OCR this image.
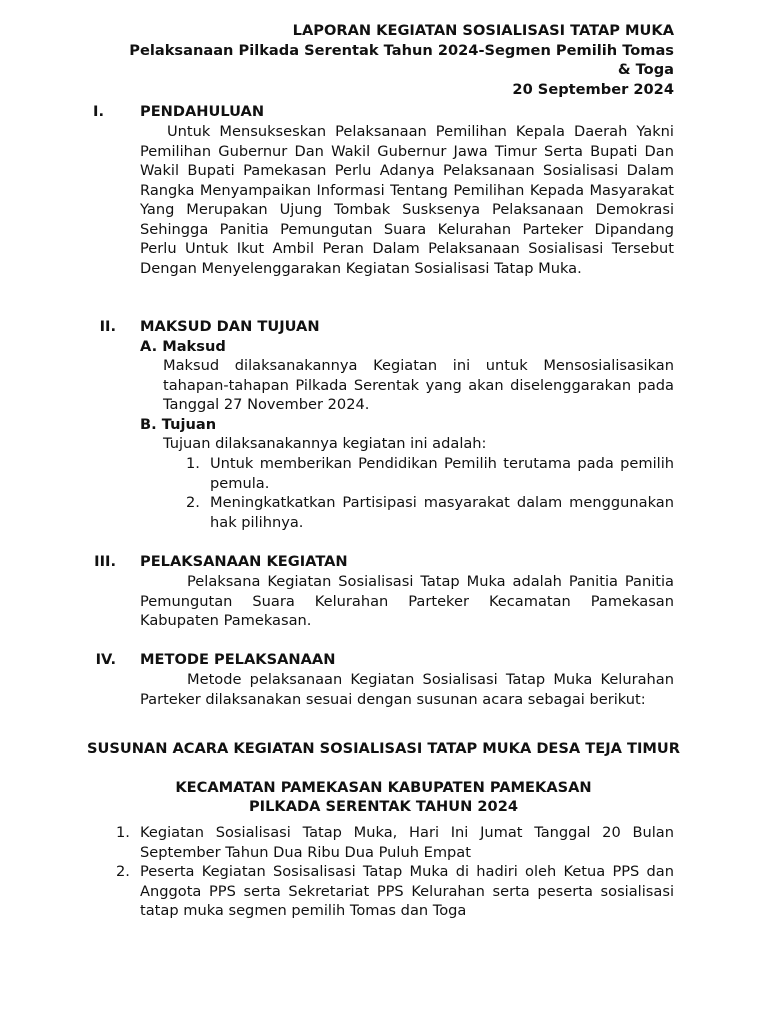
LAPORAN KEGIATAN SOSIALISASI TATAP MUKA
Pelaksanaan Pilkada Serentak Tahun 2024-Segmen Pemilih Tomas
& Toga
20 September 2024
I. PENDAHULUAN
Untuk Mensukseskan Pelaksanaan Pemilihan Kepala Daerah Yakni Pemilihan Gubernur Dan Wakil Gubernur Jawa Timur Serta Bupati Dan Wakil Bupati Pamekasan Perlu Adanya Pelaksanaan Sosialisasi Dalam Rangka Menyampaikan Informasi Tentang Pemilihan Kepada Masyarakat Yang Merupakan Ujung Tombak Susksenya Pelaksanaan Demokrasi Sehingga Panitia Pemungutan Suara Kelurahan Parteker Dipandang Perlu Untuk Ikut Ambil Peran Dalam Pelaksanaan Sosialisasi Tersebut Dengan Menyelenggarakan Kegiatan Sosialisasi Tatap Muka.
II. MAKSUD DAN TUJUAN
A. Maksud
Maksud dilaksanakannya Kegiatan ini untuk Mensosialisasikan tahapan-tahapan Pilkada Serentak yang akan diselenggarakan pada Tanggal 27 November 2024.
B. Tujuan
Tujuan dilaksanakannya kegiatan ini adalah:
1. Untuk memberikan Pendidikan Pemilih terutama pada pemilih pemula.
2. Meningkatkatkan Partisipasi masyarakat dalam menggunakan hak pilihnya.
III. PELAKSANAAN KEGIATAN
Pelaksana Kegiatan Sosialisasi Tatap Muka adalah Panitia Panitia Pemungutan Suara Kelurahan Parteker Kecamatan Pamekasan Kabupaten Pamekasan.
IV. METODE PELAKSANAAN
Metode pelaksanaan Kegiatan Sosialisasi Tatap Muka Kelurahan Parteker dilaksanakan sesuai dengan susunan acara sebagai berikut:
SUSUNAN ACARA KEGIATAN SOSIALISASI TATAP MUKA DESA TEJA TIMUR
KECAMATAN PAMEKASAN KABUPATEN PAMEKASAN
PILKADA SERENTAK TAHUN 2024
1. Kegiatan Sosialisasi Tatap Muka, Hari Ini Jumat Tanggal 20 Bulan September Tahun Dua Ribu Dua Puluh Empat
2. Peserta Kegiatan Sosisalisasi Tatap Muka di hadiri oleh Ketua PPS dan Anggota PPS serta Sekretariat PPS Kelurahan serta peserta sosialisasi tatap muka segmen pemilih Tomas dan Toga
